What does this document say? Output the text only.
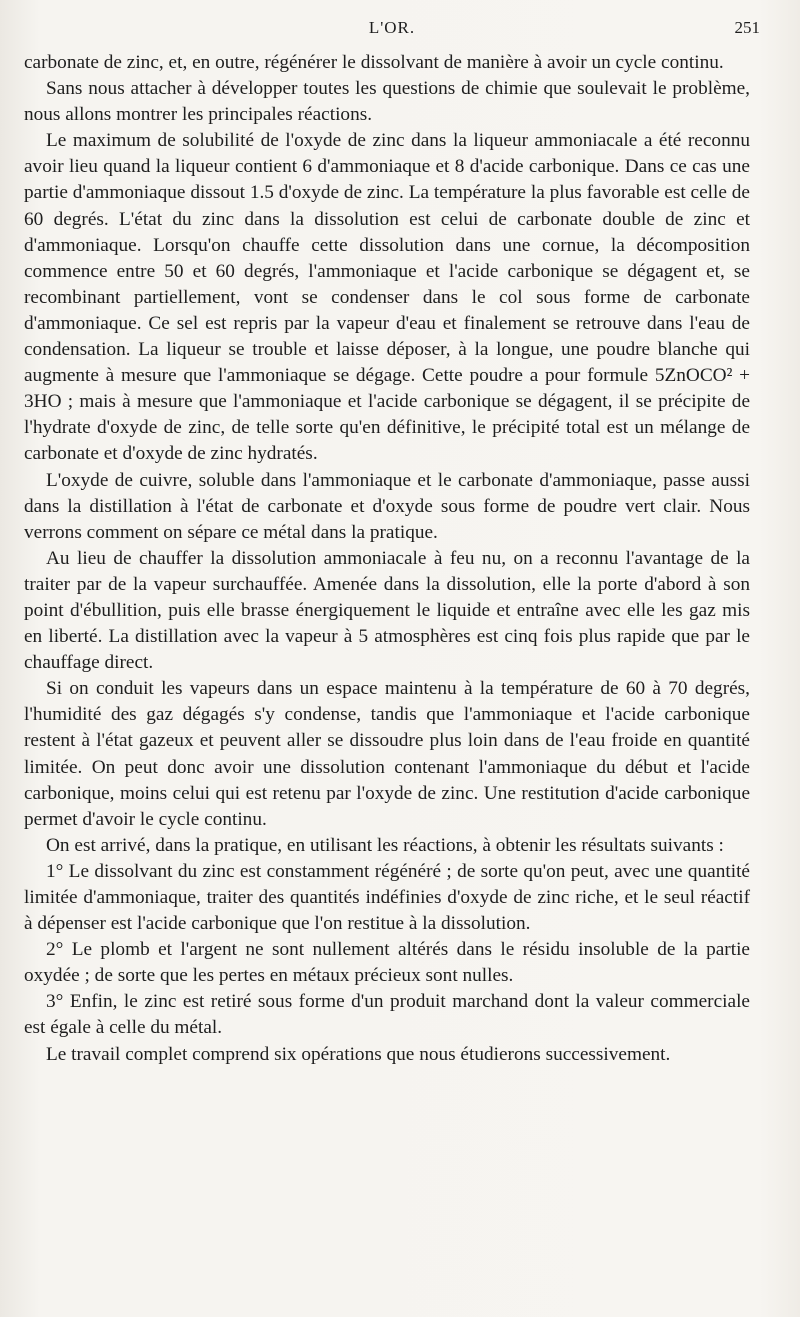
L'OR.	251

carbonate de zinc, et, en outre, régénérer le dissolvant de manière à avoir un cycle continu.

Sans nous attacher à développer toutes les questions de chimie que soulevait le problème, nous allons montrer les principales réactions.

Le maximum de solubilité de l'oxyde de zinc dans la liqueur ammoniacale a été reconnu avoir lieu quand la liqueur contient 6 d'ammoniaque et 8 d'acide carbonique. Dans ce cas une partie d'ammoniaque dissout 1.5 d'oxyde de zinc. La température la plus favorable est celle de 60 degrés. L'état du zinc dans la dissolution est celui de carbonate double de zinc et d'ammoniaque. Lorsqu'on chauffe cette dissolution dans une cornue, la décomposition commence entre 50 et 60 degrés, l'ammoniaque et l'acide carbonique se dégagent et, se recombinant partiellement, vont se condenser dans le col sous forme de carbonate d'ammoniaque. Ce sel est repris par la vapeur d'eau et finalement se retrouve dans l'eau de condensation. La liqueur se trouble et laisse déposer, à la longue, une poudre blanche qui augmente à mesure que l'ammoniaque se dégage. Cette poudre a pour formule 5ZnOCO² + 3HO ; mais à mesure que l'ammoniaque et l'acide carbonique se dégagent, il se précipite de l'hydrate d'oxyde de zinc, de telle sorte qu'en définitive, le précipité total est un mélange de carbonate et d'oxyde de zinc hydratés.

L'oxyde de cuivre, soluble dans l'ammoniaque et le carbonate d'ammoniaque, passe aussi dans la distillation à l'état de carbonate et d'oxyde sous forme de poudre vert clair. Nous verrons comment on sépare ce métal dans la pratique.

Au lieu de chauffer la dissolution ammoniacale à feu nu, on a reconnu l'avantage de la traiter par de la vapeur surchauffée. Amenée dans la dissolution, elle la porte d'abord à son point d'ébullition, puis elle brasse énergiquement le liquide et entraîne avec elle les gaz mis en liberté. La distillation avec la vapeur à 5 atmosphères est cinq fois plus rapide que par le chauffage direct.

Si on conduit les vapeurs dans un espace maintenu à la température de 60 à 70 degrés, l'humidité des gaz dégagés s'y condense, tandis que l'ammoniaque et l'acide carbonique restent à l'état gazeux et peuvent aller se dissoudre plus loin dans de l'eau froide en quantité limitée. On peut donc avoir une dissolution contenant l'ammoniaque du début et l'acide carbonique, moins celui qui est retenu par l'oxyde de zinc. Une restitution d'acide carbonique permet d'avoir le cycle continu.

On est arrivé, dans la pratique, en utilisant les réactions, à obtenir les résultats suivants :

1° Le dissolvant du zinc est constamment régénéré ; de sorte qu'on peut, avec une quantité limitée d'ammoniaque, traiter des quantités indéfinies d'oxyde de zinc riche, et le seul réactif à dépenser est l'acide carbonique que l'on restitue à la dissolution.

2° Le plomb et l'argent ne sont nullement altérés dans le résidu insoluble de la partie oxydée ; de sorte que les pertes en métaux précieux sont nulles.

3° Enfin, le zinc est retiré sous forme d'un produit marchand dont la valeur commerciale est égale à celle du métal.

Le travail complet comprend six opérations que nous étudierons successivement.
